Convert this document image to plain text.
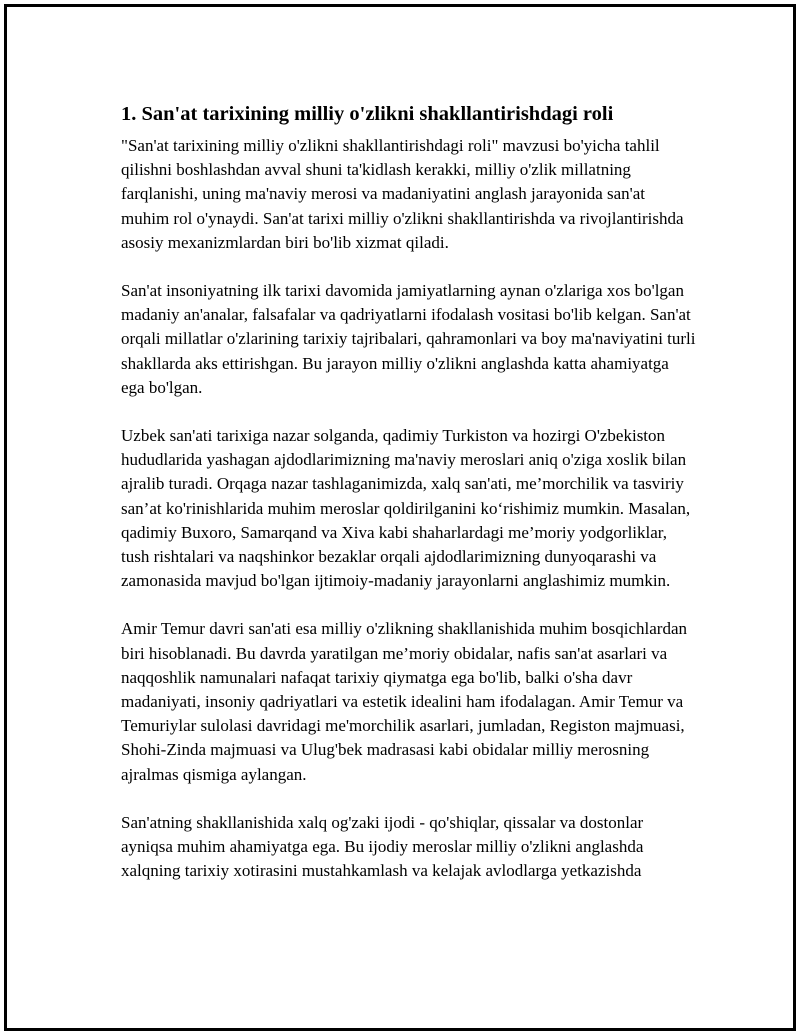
1. San'at tarixining milliy o'zlikni shakllantirishdagi roli

"San'at tarixining milliy o'zlikni shakllantirishdagi roli" mavzusi bo'yicha tahlil qilishni boshlashdan avval shuni ta'kidlash kerakki, milliy o'zlik millatning farqlanishi, uning ma'naviy merosi va madaniyatini anglash jarayonida san'at muhim rol o'ynaydi. San'at tarixi milliy o'zlikni shakllantirishda va rivojlantirishda asosiy mexanizmlardan biri bo'lib xizmat qiladi.

San'at insoniyatning ilk tarixi davomida jamiyatlarning aynan o'zlariga xos bo'lgan madaniy an'analar, falsafalar va qadriyatlarni ifodalash vositasi bo'lib kelgan. San'at orqali millatlar o'zlarining tarixiy tajribalari, qahramonlari va boy ma'naviyatini turli shakllarda aks ettirishgan. Bu jarayon milliy o'zlikni anglashda katta ahamiyatga ega bo'lgan.

Uzbek san'ati tarixiga nazar solganda, qadimiy Turkiston va hozirgi O'zbekiston hududlarida yashagan ajdodlarimizning ma'naviy meroslari aniq o'ziga xoslik bilan ajralib turadi. Orqaga nazar tashlaganimizda, xalq san'ati, me’morchilik va tasviriy san’at ko'rinishlarida muhim meroslar qoldirilganini ko‘rishimiz mumkin. Masalan, qadimiy Buxoro, Samarqand va Xiva kabi shaharlardagi me’moriy yodgorliklar, tush rishtalari va naqshinkor bezaklar orqali ajdodlarimizning dunyoqarashi va zamonasida mavjud bo'lgan ijtimoiy-madaniy jarayonlarni anglashimiz mumkin.

Amir Temur davri san'ati esa milliy o'zlikning shakllanishida muhim bosqichlardan biri hisoblanadi. Bu davrda yaratilgan me’moriy obidalar, nafis san'at asarlari va naqqoshlik namunalari nafaqat tarixiy qiymatga ega bo'lib, balki o'sha davr madaniyati, insoniy qadriyatlari va estetik idealini ham ifodalagan. Amir Temur va Temuriylar sulolasi davridagi me'morchilik asarlari, jumladan, Registon majmuasi, Shohi-Zinda majmuasi va Ulug'bek madrasasi kabi obidalar milliy merosning ajralmas qismiga aylangan.

San'atning shakllanishida xalq og'zaki ijodi - qo'shiqlar, qissalar va dostonlar ayniqsa muhim ahamiyatga ega. Bu ijodiy meroslar milliy o'zlikni anglashda xalqning tarixiy xotirasini mustahkamlash va kelajak avlodlarga yetkazishda
